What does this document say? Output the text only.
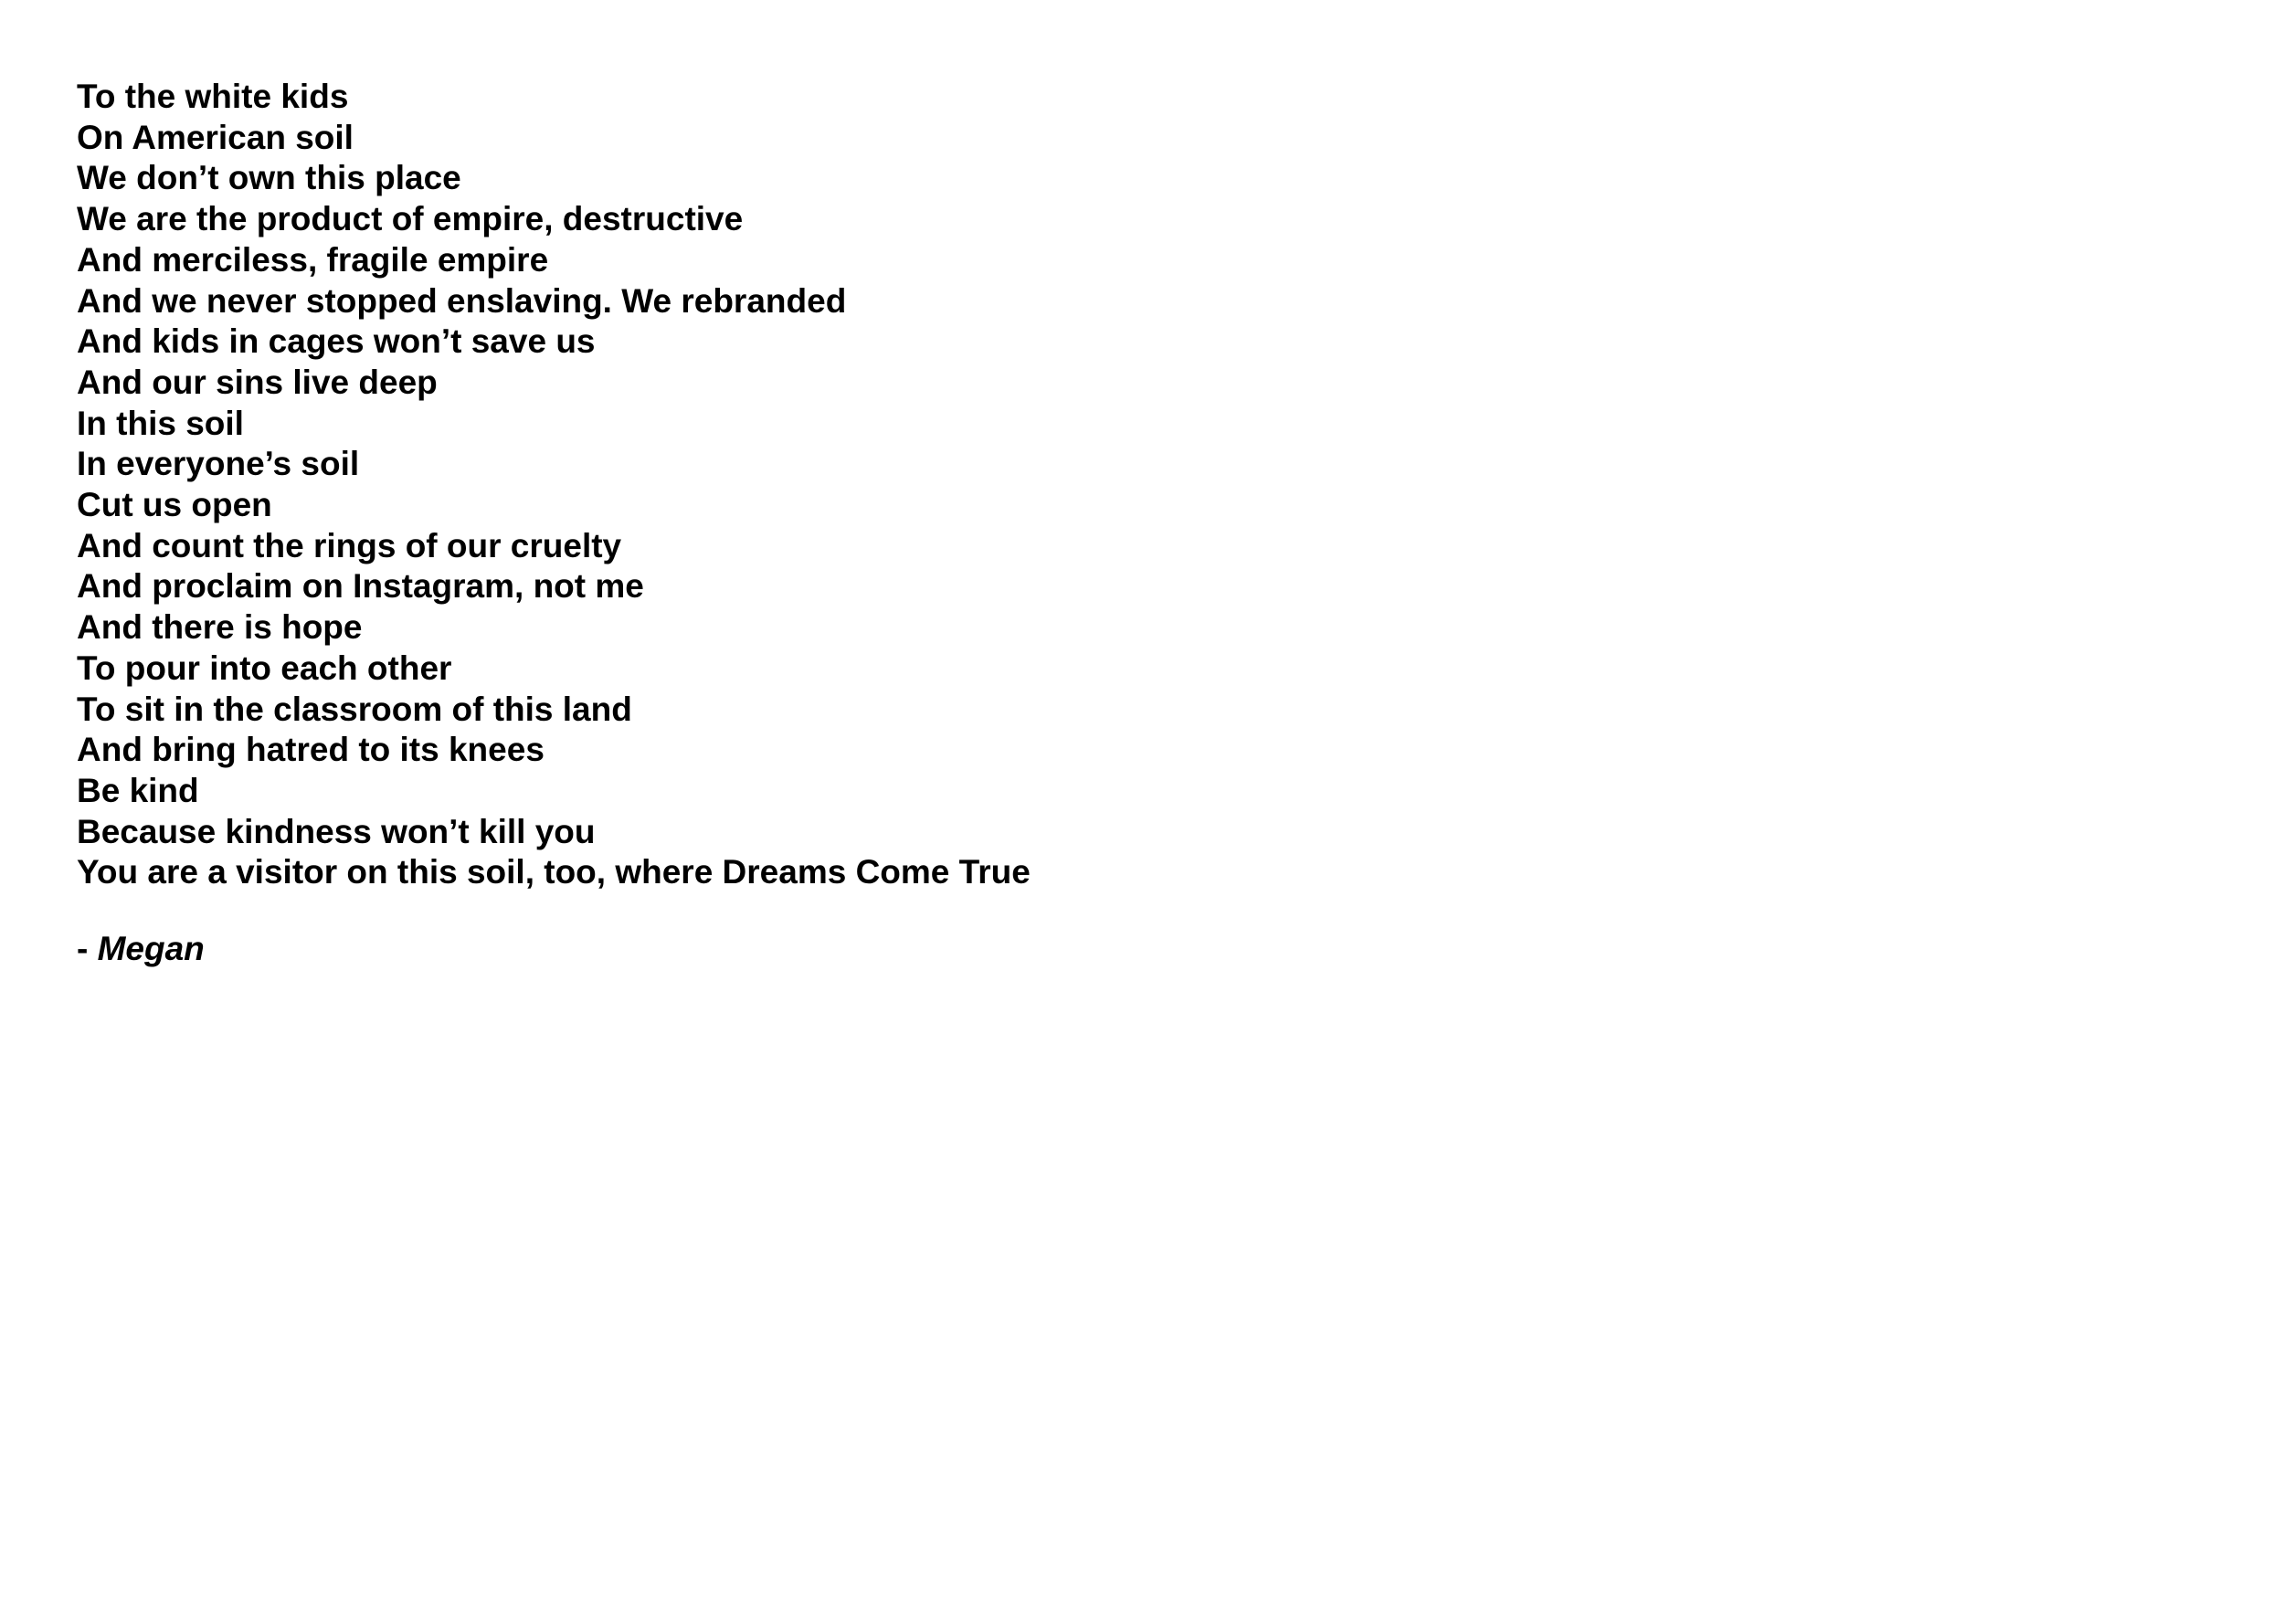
To the white kids
On American soil
We don’t own this place
We are the product of empire, destructive
And merciless, fragile empire
And we never stopped enslaving. We rebranded
And kids in cages won’t save us
And our sins live deep
In this soil
In everyone’s soil
Cut us open
And count the rings of our cruelty
And proclaim on Instagram, not me
And there is hope
To pour into each other
To sit in the classroom of this land
And bring hatred to its knees
Be kind
Because kindness won’t kill you
You are a visitor on this soil, too, where Dreams Come True
- Megan
